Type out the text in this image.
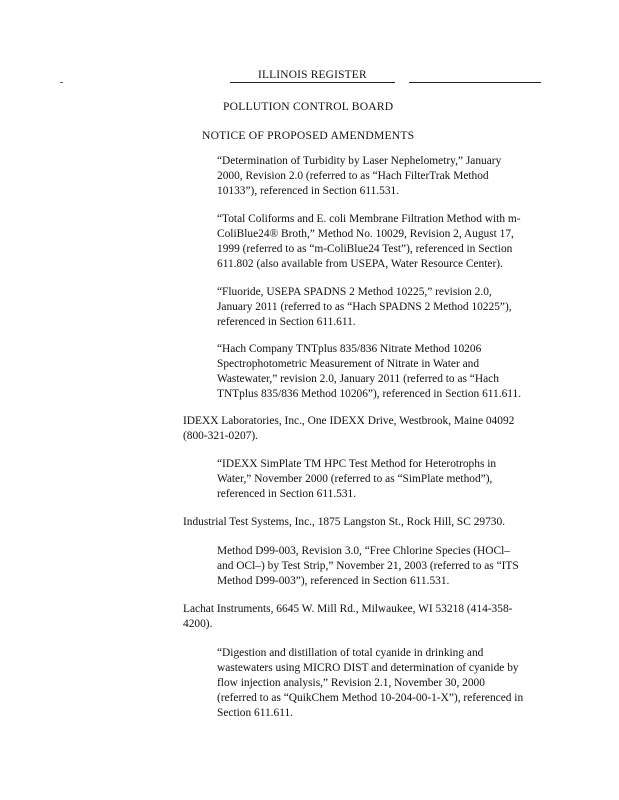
ILLINOIS REGISTER
POLLUTION CONTROL BOARD
NOTICE OF PROPOSED AMENDMENTS
“Determination of Turbidity by Laser Nephelometry,” January
2000, Revision 2.0 (referred to as “Hach FilterTrak Method
10133”), referenced in Section 611.531.
“Total Coliforms and E. coli Membrane Filtration Method with m-
ColiBlue24® Broth,” Method No. 10029, Revision 2, August 17,
1999 (referred to as “m-ColiBlue24 Test”), referenced in Section
611.802 (also available from USEPA, Water Resource Center).
“Fluoride, USEPA SPADNS 2 Method 10225,” revision 2.0,
January 2011 (referred to as “Hach SPADNS 2 Method 10225”),
referenced in Section 611.611.
“Hach Company TNTplus 835/836 Nitrate Method 10206
Spectrophotometric Measurement of Nitrate in Water and
Wastewater,” revision 2.0, January 2011 (referred to as “Hach
TNTplus 835/836 Method 10206”), referenced in Section 611.611.
IDEXX Laboratories, Inc., One IDEXX Drive, Westbrook, Maine 04092
(800-321-0207).
“IDEXX SimPlate TM HPC Test Method for Heterotrophs in
Water,” November 2000 (referred to as “SimPlate method”),
referenced in Section 611.531.
Industrial Test Systems, Inc., 1875 Langston St., Rock Hill, SC 29730.
Method D99-003, Revision 3.0, “Free Chlorine Species (HOCl–
and OCl–) by Test Strip,” November 21, 2003 (referred to as “ITS
Method D99-003”), referenced in Section 611.531.
Lachat Instruments, 6645 W. Mill Rd., Milwaukee, WI 53218 (414-358-
4200).
“Digestion and distillation of total cyanide in drinking and
wastewaters using MICRO DIST and determination of cyanide by
flow injection analysis,” Revision 2.1, November 30, 2000
(referred to as “QuikChem Method 10-204-00-1-X”), referenced in
Section 611.611.
